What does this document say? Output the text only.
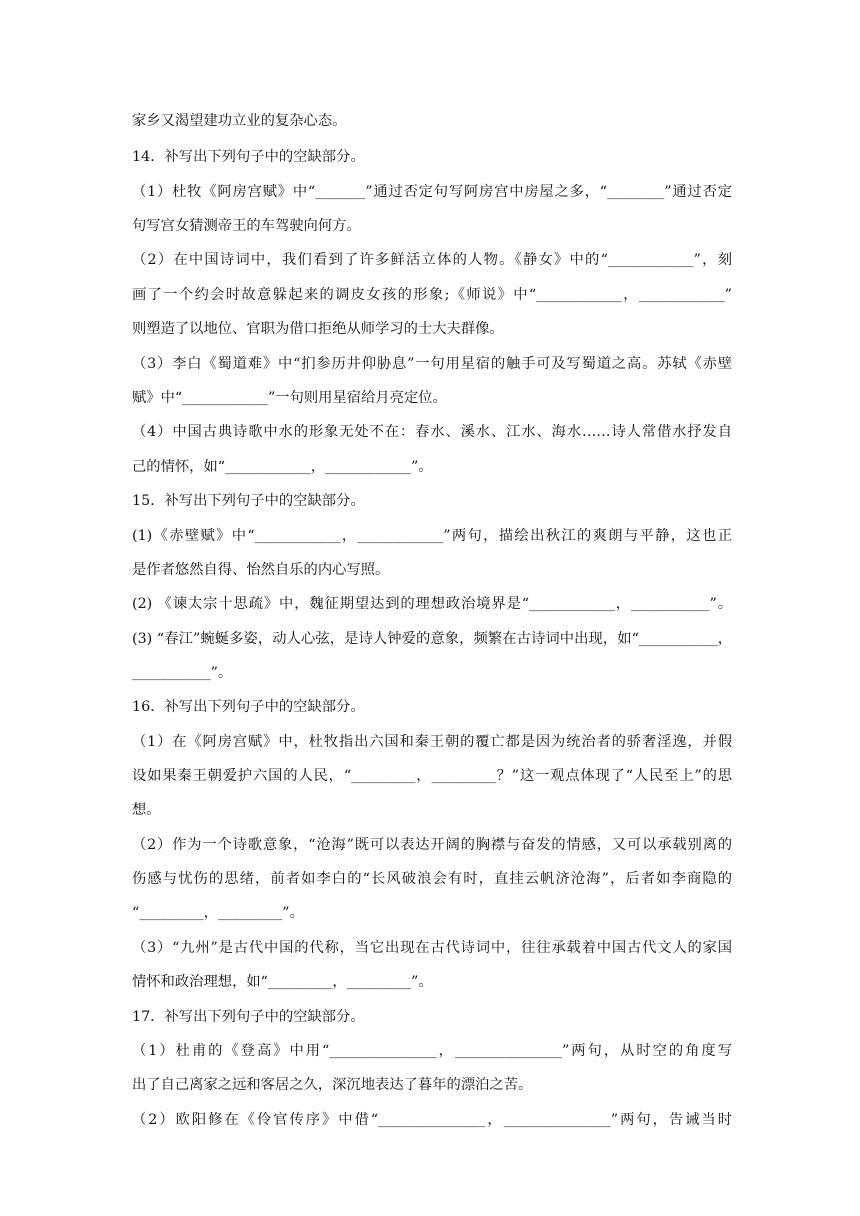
家乡又渴望建功立业的复杂心态。
14．补写出下列句子中的空缺部分。
（1）杜牧《阿房宫赋》中“_______”通过否定句写阿房宫中房屋之多，“________”通过否定
句写宫女猜测帝王的车驾驶向何方。
（2）在中国诗词中，我们看到了许多鲜活立体的人物。《静女》中的“____________”，刻
画了一个约会时故意躲起来的调皮女孩的形象;《师说》中“____________，____________”
则塑造了以地位、官职为借口拒绝从师学习的士大夫群像。
（3）李白《蜀道难》中“扪参历井仰胁息”一句用星宿的触手可及写蜀道之高。苏轼《赤壁
赋》中“____________”一句则用星宿给月亮定位。
（4）中国古典诗歌中水的形象无处不在：春水、溪水、江水、海水……诗人常借水抒发自
己的情怀，如“____________，____________”。
15．补写出下列句子中的空缺部分。
(1)《赤壁赋》中“____________，____________”两句，描绘出秋江的爽朗与平静，这也正
是作者悠然自得、怡然自乐的内心写照。
(2) 《谏太宗十思疏》中，魏征期望达到的理想政治境界是“____________，___________”。
(3) “春江”蜿蜒多姿，动人心弦，是诗人钟爱的意象，频繁在古诗词中出现，如“___________，
___________”。
16．补写出下列句子中的空缺部分。
（1）在《阿房宫赋》中，杜牧指出六国和秦王朝的覆亡都是因为统治者的骄奢淫逸，并假
设如果秦王朝爱护六国的人民，“_________，_________？”这一观点体现了“人民至上”的思
想。
（2）作为一个诗歌意象，“沧海”既可以表达开阔的胸襟与奋发的情感，又可以承载别离的
伤感与忧伤的思绪，前者如李白的“长风破浪会有时，直挂云帆济沧海”，后者如李商隐的
“_________，_________”。
（3）“九州”是古代中国的代称，当它出现在古代诗词中，往往承载着中国古代文人的家国
情怀和政治理想，如“_________，_________”。
17．补写出下列句子中的空缺部分。
（1）杜甫的《登高》中用“_______________，_______________”两句，从时空的角度写
出了自己离家之远和客居之久，深沉地表达了暮年的漂泊之苦。
（2）欧阳修在《伶官传序》中借“_______________，_______________”两句，告诫当时
